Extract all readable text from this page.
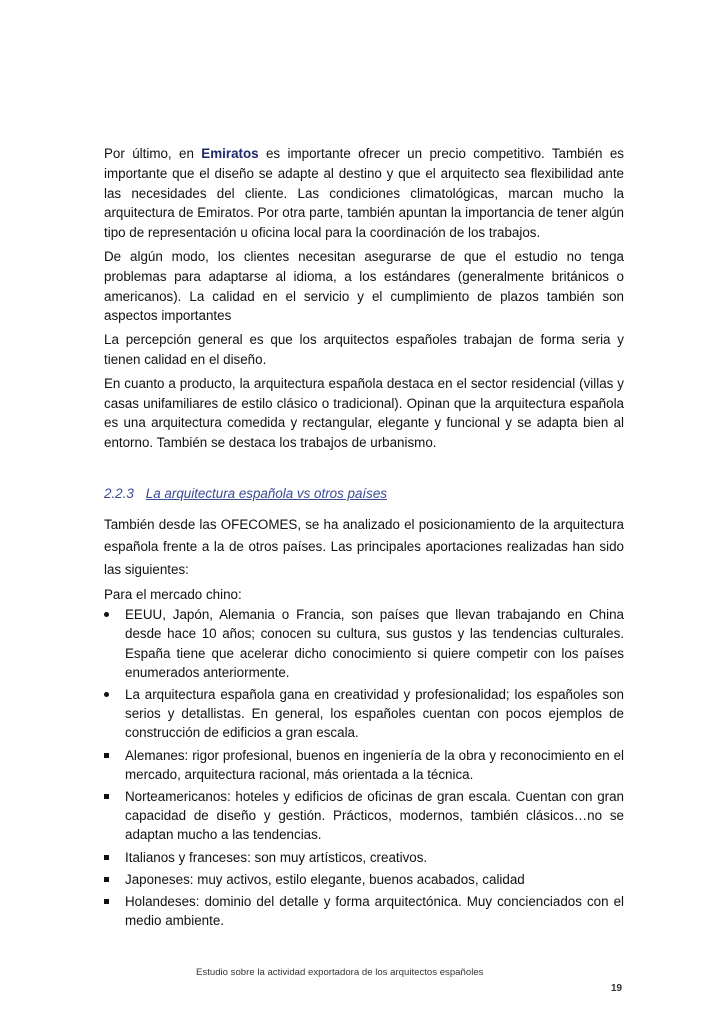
Por último, en Emiratos es importante ofrecer un precio competitivo. También es importante que el diseño se adapte al destino y que el arquitecto sea flexibilidad ante las necesidades del cliente. Las condiciones climatológicas, marcan mucho la arquitectura de Emiratos. Por otra parte, también apuntan la importancia de tener algún tipo de representación u oficina local para la coordinación de los trabajos.

De algún modo, los clientes necesitan asegurarse de que el estudio no tenga problemas para adaptarse al idioma, a los estándares (generalmente británicos o americanos). La calidad en el servicio y el cumplimiento de plazos también son aspectos importantes

La percepción general es que los arquitectos españoles trabajan de forma seria y tienen calidad en el diseño.

En cuanto a producto, la arquitectura española destaca en el sector residencial (villas y casas unifamiliares de estilo clásico o tradicional). Opinan que la arquitectura española es una arquitectura comedida y rectangular, elegante y funcional y se adapta bien al entorno. También se destaca los trabajos de urbanismo.

2.2.3 La arquitectura española vs otros países

También desde las OFECOMES, se ha analizado el posicionamiento de la arquitectura española frente a la de otros países. Las principales aportaciones realizadas han sido las siguientes:

Para el mercado chino:

EEUU, Japón, Alemania o Francia, son países que llevan trabajando en China desde hace 10 años; conocen su cultura, sus gustos y las tendencias culturales. España tiene que acelerar dicho conocimiento si quiere competir con los países enumerados anteriormente.
La arquitectura española gana en creatividad y profesionalidad; los españoles son serios y detallistas. En general, los españoles cuentan con pocos ejemplos de construcción de edificios a gran escala.
Alemanes: rigor profesional, buenos en ingeniería de la obra y reconocimiento en el mercado, arquitectura racional, más orientada a la técnica.
Norteamericanos: hoteles y edificios de oficinas de gran escala. Cuentan con gran capacidad de diseño y gestión. Prácticos, modernos, también clásicos…no se adaptan mucho a las tendencias.
Italianos y franceses: son muy artísticos, creativos.
Japoneses: muy activos, estilo elegante, buenos acabados, calidad
Holandeses: dominio del detalle y forma arquitectónica. Muy concienciados con el medio ambiente.
Estudio sobre la actividad exportadora de los arquitectos españoles
19
